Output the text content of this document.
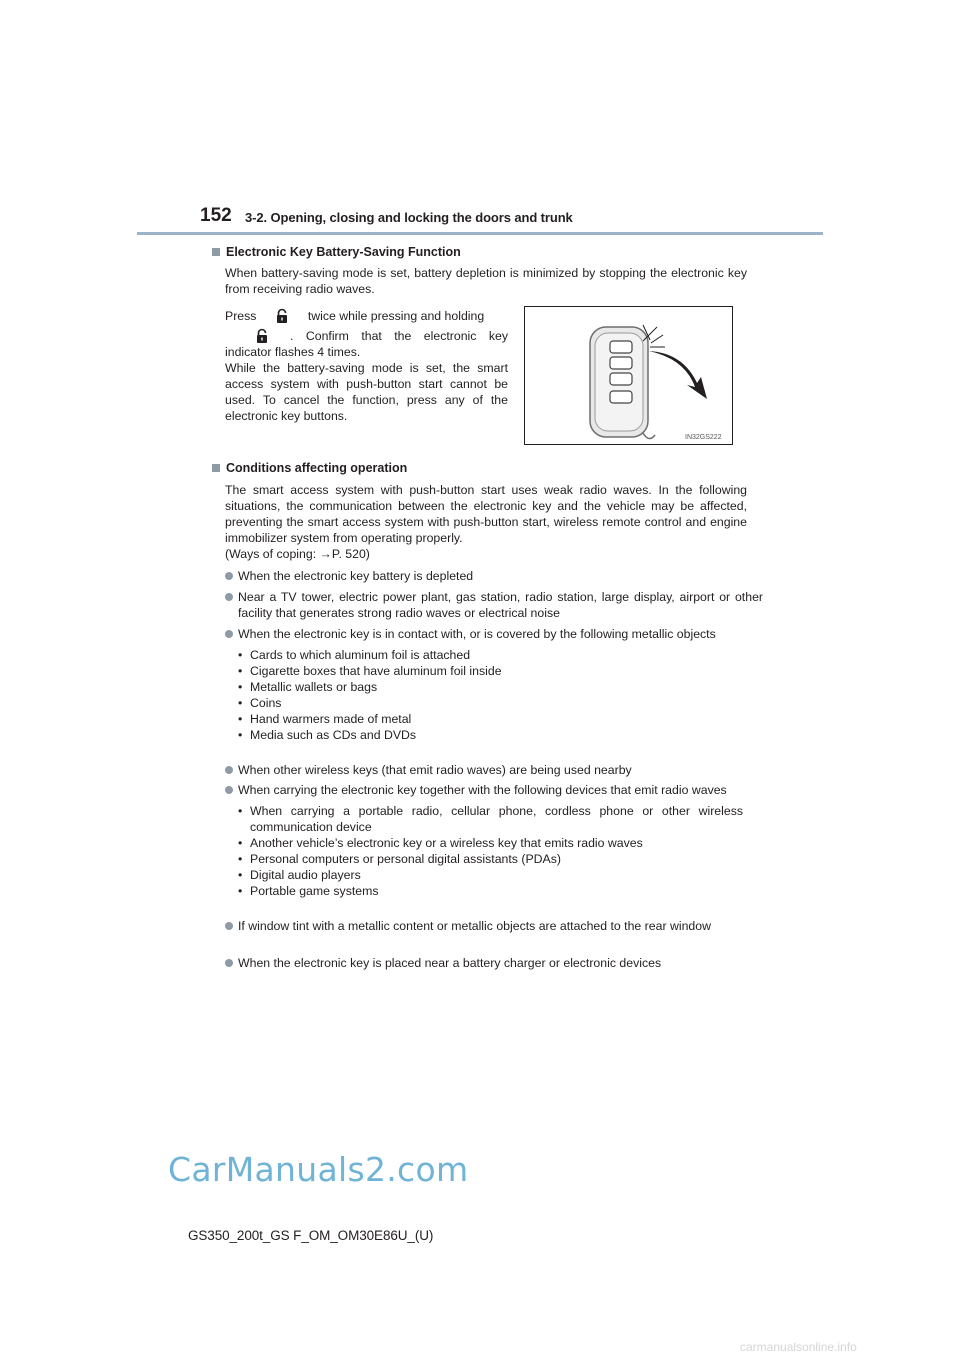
152 3-2. Opening, closing and locking the doors and trunk
Electronic Key Battery-Saving Function
When battery-saving mode is set, battery depletion is minimized by stopping the electronic key from receiving radio waves.
Press	twice while pressing and holding
. Confirm that the electronic key indicator flashes 4 times.
While the battery-saving mode is set, the smart access system with push-button start cannot be used. To cancel the function, press any of the electronic key buttons.
IN32GS222
Conditions affecting operation
The smart access system with push-button start uses weak radio waves. In the following situations, the communication between the electronic key and the vehicle may be affected, preventing the smart access system with push-button start, wireless remote control and engine immobilizer system from operating properly.
(Ways of coping: →P. 520)
When the electronic key battery is depleted
Near a TV tower, electric power plant, gas station, radio station, large display, airport or other facility that generates strong radio waves or electrical noise
When the electronic key is in contact with, or is covered by the following metallic objects
• Cards to which aluminum foil is attached
• Cigarette boxes that have aluminum foil inside
• Metallic wallets or bags
• Coins
• Hand warmers made of metal
• Media such as CDs and DVDs
When other wireless keys (that emit radio waves) are being used nearby
When carrying the electronic key together with the following devices that emit radio waves
• When carrying a portable radio, cellular phone, cordless phone or other wireless communication device
• Another vehicle’s electronic key or a wireless key that emits radio waves
• Personal computers or personal digital assistants (PDAs)
• Digital audio players
• Portable game systems
If window tint with a metallic content or metallic objects are attached to the rear window
When the electronic key is placed near a battery charger or electronic devices
CarManuals2.com
GS350_200t_GS F_OM_OM30E86U_(U)
carmanualsonline.info
